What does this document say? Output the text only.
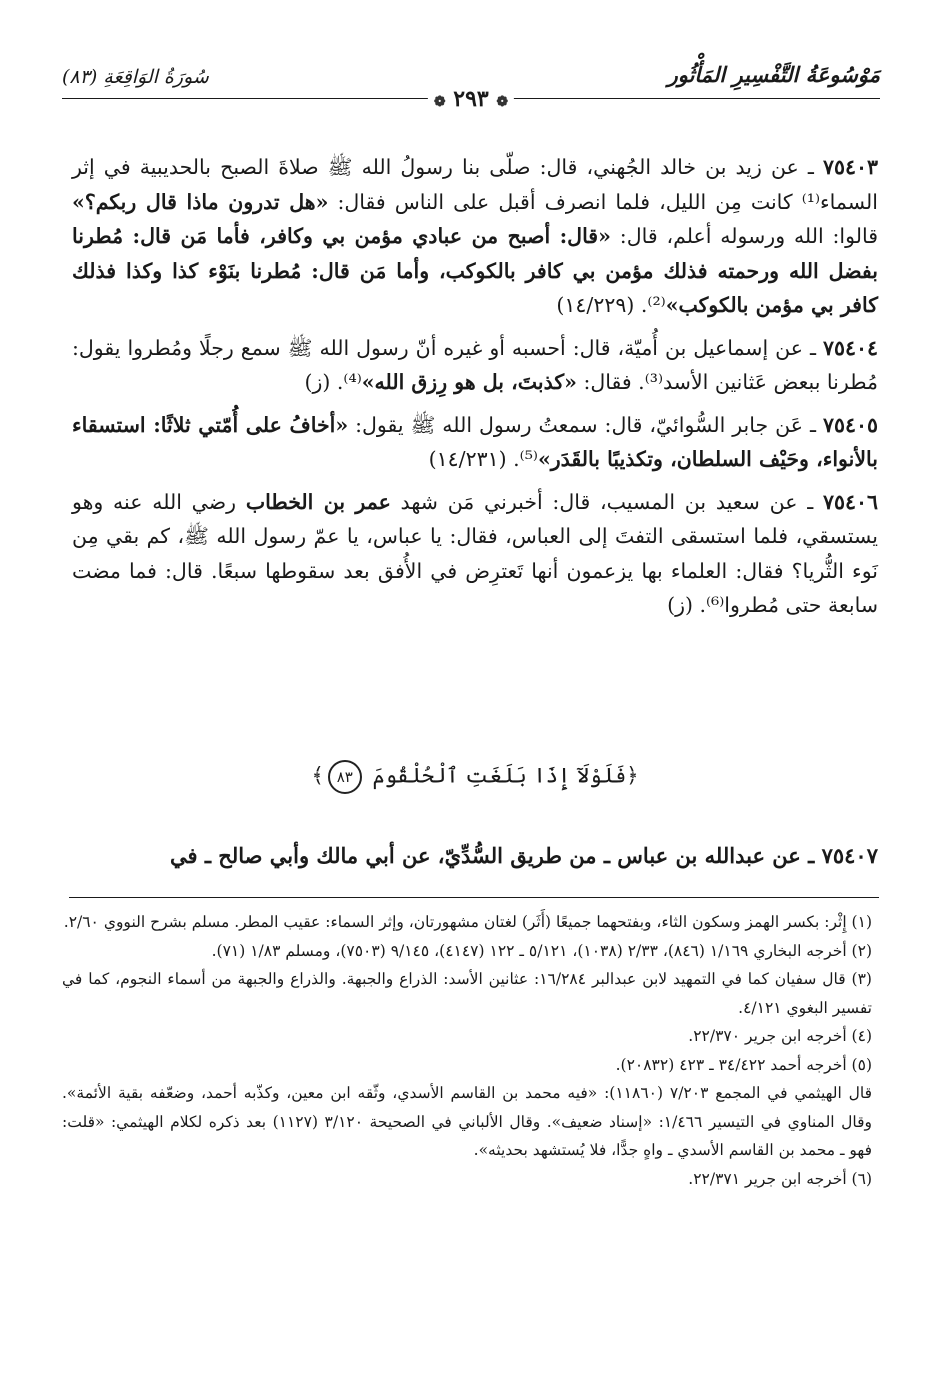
مَوْسُوعَةُ التَّفْسِيرِ المَأْثُور
سُورَةُ الوَاقِعَةِ (٨٣)
❁ ٢٩٣ ❁

٧٥٤٠٣ ـ عن زيد بن خالد الجُهني، قال: صلّى بنا رسولُ الله ﷺ صلاةَ الصبح بالحديبية في إثر السماء⁽¹⁾ كانت مِن الليل، فلما انصرف أقبل على الناس فقال: «هل تدرون ماذا قال ربكم؟» قالوا: الله ورسوله أعلم، قال: «قال: أصبح من عبادي مؤمن بي وكافر، فأما مَن قال: مُطرنا بفضل الله ورحمته فذلك مؤمن بي كافر بالكوكب، وأما مَن قال: مُطرنا بنَوْء كذا وكذا فذلك كافر بي مؤمن بالكوكب»⁽²⁾. (١٤/٢٢٩)

٧٥٤٠٤ ـ عن إسماعيل بن أُميّة، قال: أحسبه أو غيره أنّ رسول الله ﷺ سمع رجلًا ومُطروا يقول: مُطرنا ببعض عَثانين الأسد⁽³⁾. فقال: «كذبتَ، بل هو رِزق الله»⁽⁴⁾. (ز)

٧٥٤٠٥ ـ عَن جابر السُّوائيّ، قال: سمعتُ رسول الله ﷺ يقول: «أخافُ على أُمّتي ثلاثًا: استسقاء بالأنواء، وحَيْف السلطان، وتكذيبًا بالقَدَر»⁽⁵⁾. (١٤/٢٣١)

٧٥٤٠٦ ـ عن سعيد بن المسيب، قال: أخبرني مَن شهد عمر بن الخطاب رضي الله عنه وهو يستسقي، فلما استسقى التفتَ إلى العباس، فقال: يا عباس، يا عمّ رسول الله ﷺ، كم بقي مِن نَوء الثُّريا؟ فقال: العلماء بها يزعمون أنها تَعترِض في الأُفق بعد سقوطها سبعًا. قال: فما مضت سابعة حتى مُطروا⁽⁶⁾. (ز)

﴿فَلَوْلَآ إِذَا بَلَغَتِ ٱلْحُلْقُومَ ٨٣﴾
٧٥٤٠٧ ـ عن عبدالله بن عباس ـ من طريق السُّدِّيّ، عن أبي مالك وأبي صالح ـ في

(١) إِثْر: بكسر الهمز وسكون الثاء، وبفتحهما جميعًا (أَثَر) لغتان مشهورتان، وإثر السماء: عقيب المطر. مسلم بشرح النووي ٢/٦٠.

(٢) أخرجه البخاري ١/١٦٩ (٨٤٦)، ٢/٣٣ (١٠٣٨)، ٥/١٢١ ـ ١٢٢ (٤١٤٧)، ٩/١٤٥ (٧٥٠٣)، ومسلم ١/٨٣ (٧١).

(٣) قال سفيان كما في التمهيد لابن عبدالبر ١٦/٢٨٤: عثانين الأسد: الذراع والجبهة. والذراع والجبهة من أسماء النجوم، كما في تفسير البغوي ٤/١٢١.

(٤) أخرجه ابن جرير ٢٢/٣٧٠.

(٥) أخرجه أحمد ٣٤/٤٢٢ ـ ٤٢٣ (٢٠٨٣٢).

قال الهيثمي في المجمع ٧/٢٠٣ (١١٨٦٠): «فيه محمد بن القاسم الأسدي، وثّقه ابن معين، وكذّبه أحمد، وضعّفه بقية الأئمة». وقال المناوي في التيسير ١/٤٦٦: «إسناد ضعيف». وقال الألباني في الصحيحة ٣/١٢٠ (١١٢٧) بعد ذكره لكلام الهيثمي: «قلت: فهو ـ محمد بن القاسم الأسدي ـ واهٍ جدًّا، فلا يُستشهد بحديثه».

(٦) أخرجه ابن جرير ٢٢/٣٧١.
